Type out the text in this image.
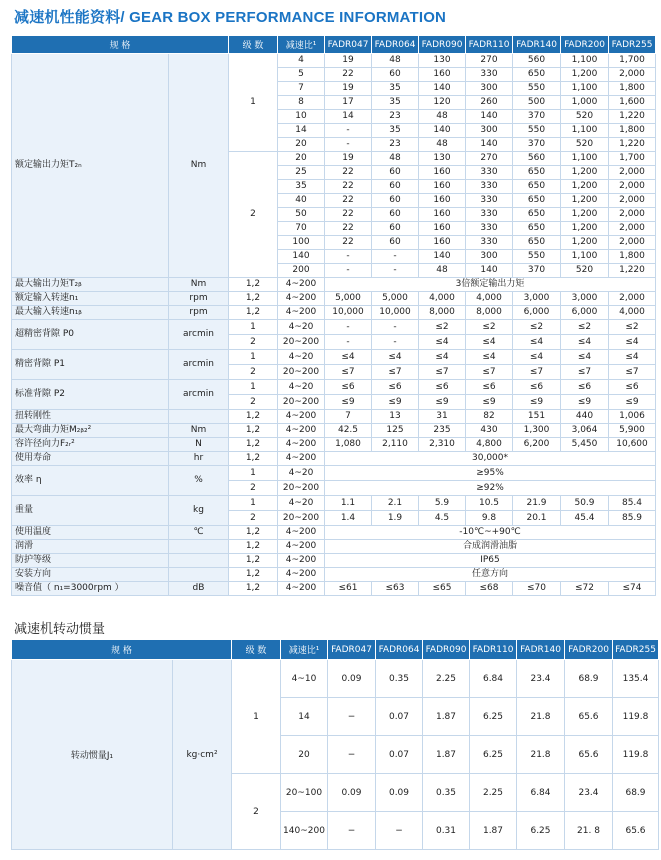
减速机性能资料/ GEAR BOX PERFORMANCE INFORMATION
规 格		级 数	减速比¹	FADR047	FADR064	FADR090	FADR110	FADR140	FADR200	FADR255
额定输出力矩T₂ₙ	Nm	1	4	19	48	130	270	560	1,100	1,700
			5	22	60	160	330	650	1,200	2,000
			7	19	35	140	300	550	1,100	1,800
			8	17	35	120	260	500	1,000	1,600
			10	14	23	48	140	370	520	1,220
			14	-	35	140	300	550	1,100	1,800
			20	-	23	48	140	370	520	1,220
		2	20	19	48	130	270	560	1,100	1,700
			25	22	60	160	330	650	1,200	2,000
			35	22	60	160	330	650	1,200	2,000
			40	22	60	160	330	650	1,200	2,000
			50	22	60	160	330	650	1,200	2,000
			70	22	60	160	330	650	1,200	2,000
			100	22	60	160	330	650	1,200	2,000
			140	-	-	140	300	550	1,100	1,800
			200	-	-	48	140	370	520	1,220
最大输出力矩T₂ᵦ	Nm	1,2	4~200	3倍额定输出力矩						
额定输入转速n₁	rpm	1,2	4~200	5,000	5,000	4,000	4,000	3,000	3,000	2,000
最大输入转速n₁ᵦ	rpm	1,2	4~200	10,000	10,000	8,000	8,000	6,000	6,000	4,000
超精密背隙 P0	arcmin	1	4~20	-	-	≤2	≤2	≤2	≤2	≤2
		2	20~200	-	-	≤4	≤4	≤4	≤4	≤4
精密背隙 P1	arcmin	1	4~20	≤4	≤4	≤4	≤4	≤4	≤4	≤4
		2	20~200	≤7	≤7	≤7	≤7	≤7	≤7	≤7
标准背隙 P2	arcmin	1	4~20	≤6	≤6	≤6	≤6	≤6	≤6	≤6
		2	20~200	≤9	≤9	≤9	≤9	≤9	≤9	≤9
扭转刚性		1,2	4~200	7	13	31	82	151	440	1,006
最大弯曲力矩M₂ᵦ₂²	Nm	1,2	4~200	42.5	125	235	430	1,300	3,064	5,900
容许径向力F₂ᵣ²	N	1,2	4~200	1,080	2,110	2,310	4,800	6,200	5,450	10,600
使用寿命	hr	1,2	4~200	30,000*						
效率 η	%	1	4~20	≥95%						
		2	20~200	≥92%						
重量	kg	1	4~20	1.1	2.1	5.9	10.5	21.9	50.9	85.4
		2	20~200	1.4	1.9	4.5	9.8	20.1	45.4	85.9
使用温度	℃	1,2	4~200	-10℃~+90℃						
润滑		1,2	4~200	合成润滑油脂						
防护等级		1,2	4~200	IP65						
安装方向		1,2	4~200	任意方向						
噪音值（ n₁=3000rpm ）	dB	1,2	4~200	≤61	≤63	≤65	≤68	≤70	≤72	≤74
减速机转动惯量
规 格		级 数	减速比¹	FADR047	FADR064	FADR090	FADR110	FADR140	FADR200	FADR255
转动惯量J₁	kg·cm²	1	4~10	0.09	0.35	2.25	6.84	23.4	68.9	135.4
			14	−	0.07	1.87	6.25	21.8	65.6	119.8
			20	−	0.07	1.87	6.25	21.8	65.6	119.8
		2	20~100	0.09	0.09	0.35	2.25	6.84	23.4	68.9
			140~200	−	−	0.31	1.87	6.25	21. 8	65.6
